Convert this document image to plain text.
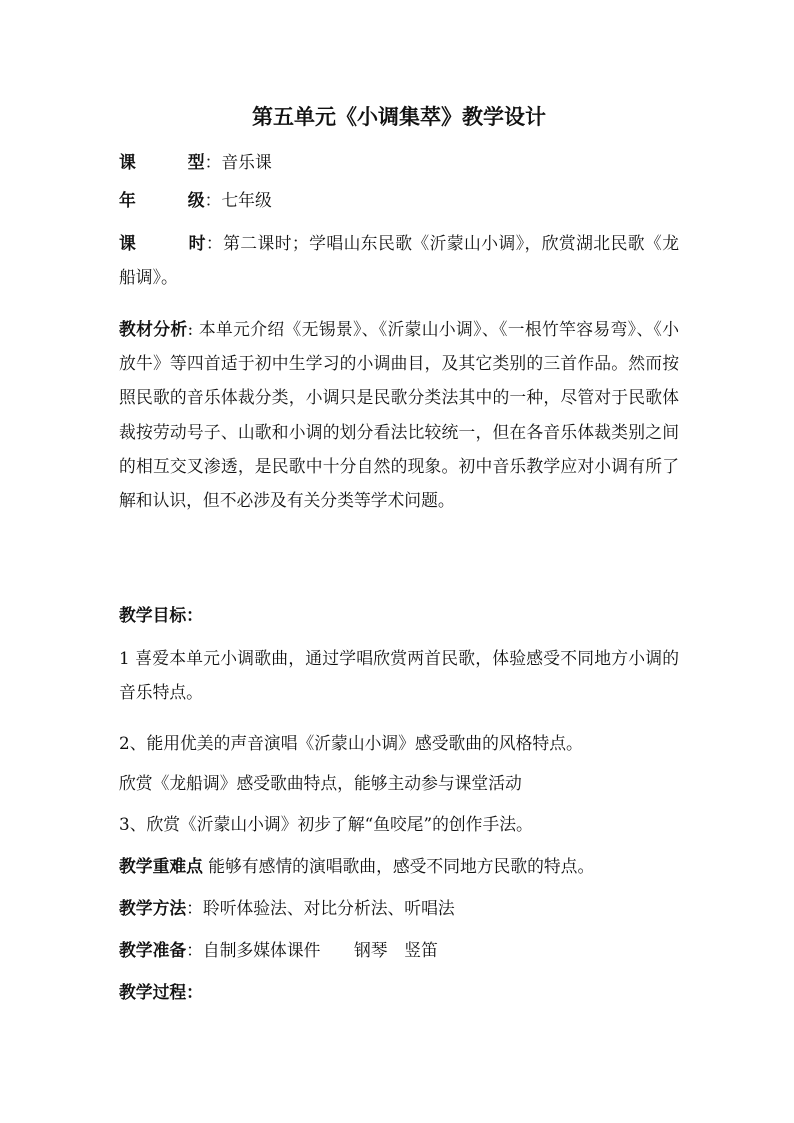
第五单元《小调集萃》教学设计
课	型：音乐课
年	级：七年级
课	时：第二课时；学唱山东民歌《沂蒙山小调》，欣赏湖北民歌《龙船调》。
教材分析: 本单元介绍《无锡景》、《沂蒙山小调》、《一根竹竿容易弯》、《小放牛》等四首适于初中生学习的小调曲目，及其它类别的三首作品。然而按照民歌的音乐体裁分类，小调只是民歌分类法其中的一种，尽管对于民歌体裁按劳动号子、山歌和小调的划分看法比较统一，但在各音乐体裁类别之间的相互交叉渗透，是民歌中十分自然的现象。初中音乐教学应对小调有所了解和认识，但不必涉及有关分类等学术问题。
教学目标：
1 喜爱本单元小调歌曲，通过学唱欣赏两首民歌，体验感受不同地方小调的音乐特点。
2、能用优美的声音演唱《沂蒙山小调》感受歌曲的风格特点。
欣赏《龙船调》感受歌曲特点，能够主动参与课堂活动
3、欣赏《沂蒙山小调》初步了解“鱼咬尾”的创作手法。
教学重难点 能够有感情的演唱歌曲，感受不同地方民歌的特点。
教学方法：聆听体验法、对比分析法、听唱法
教学准备：自制多媒体课件　　钢琴　竖笛
教学过程：
